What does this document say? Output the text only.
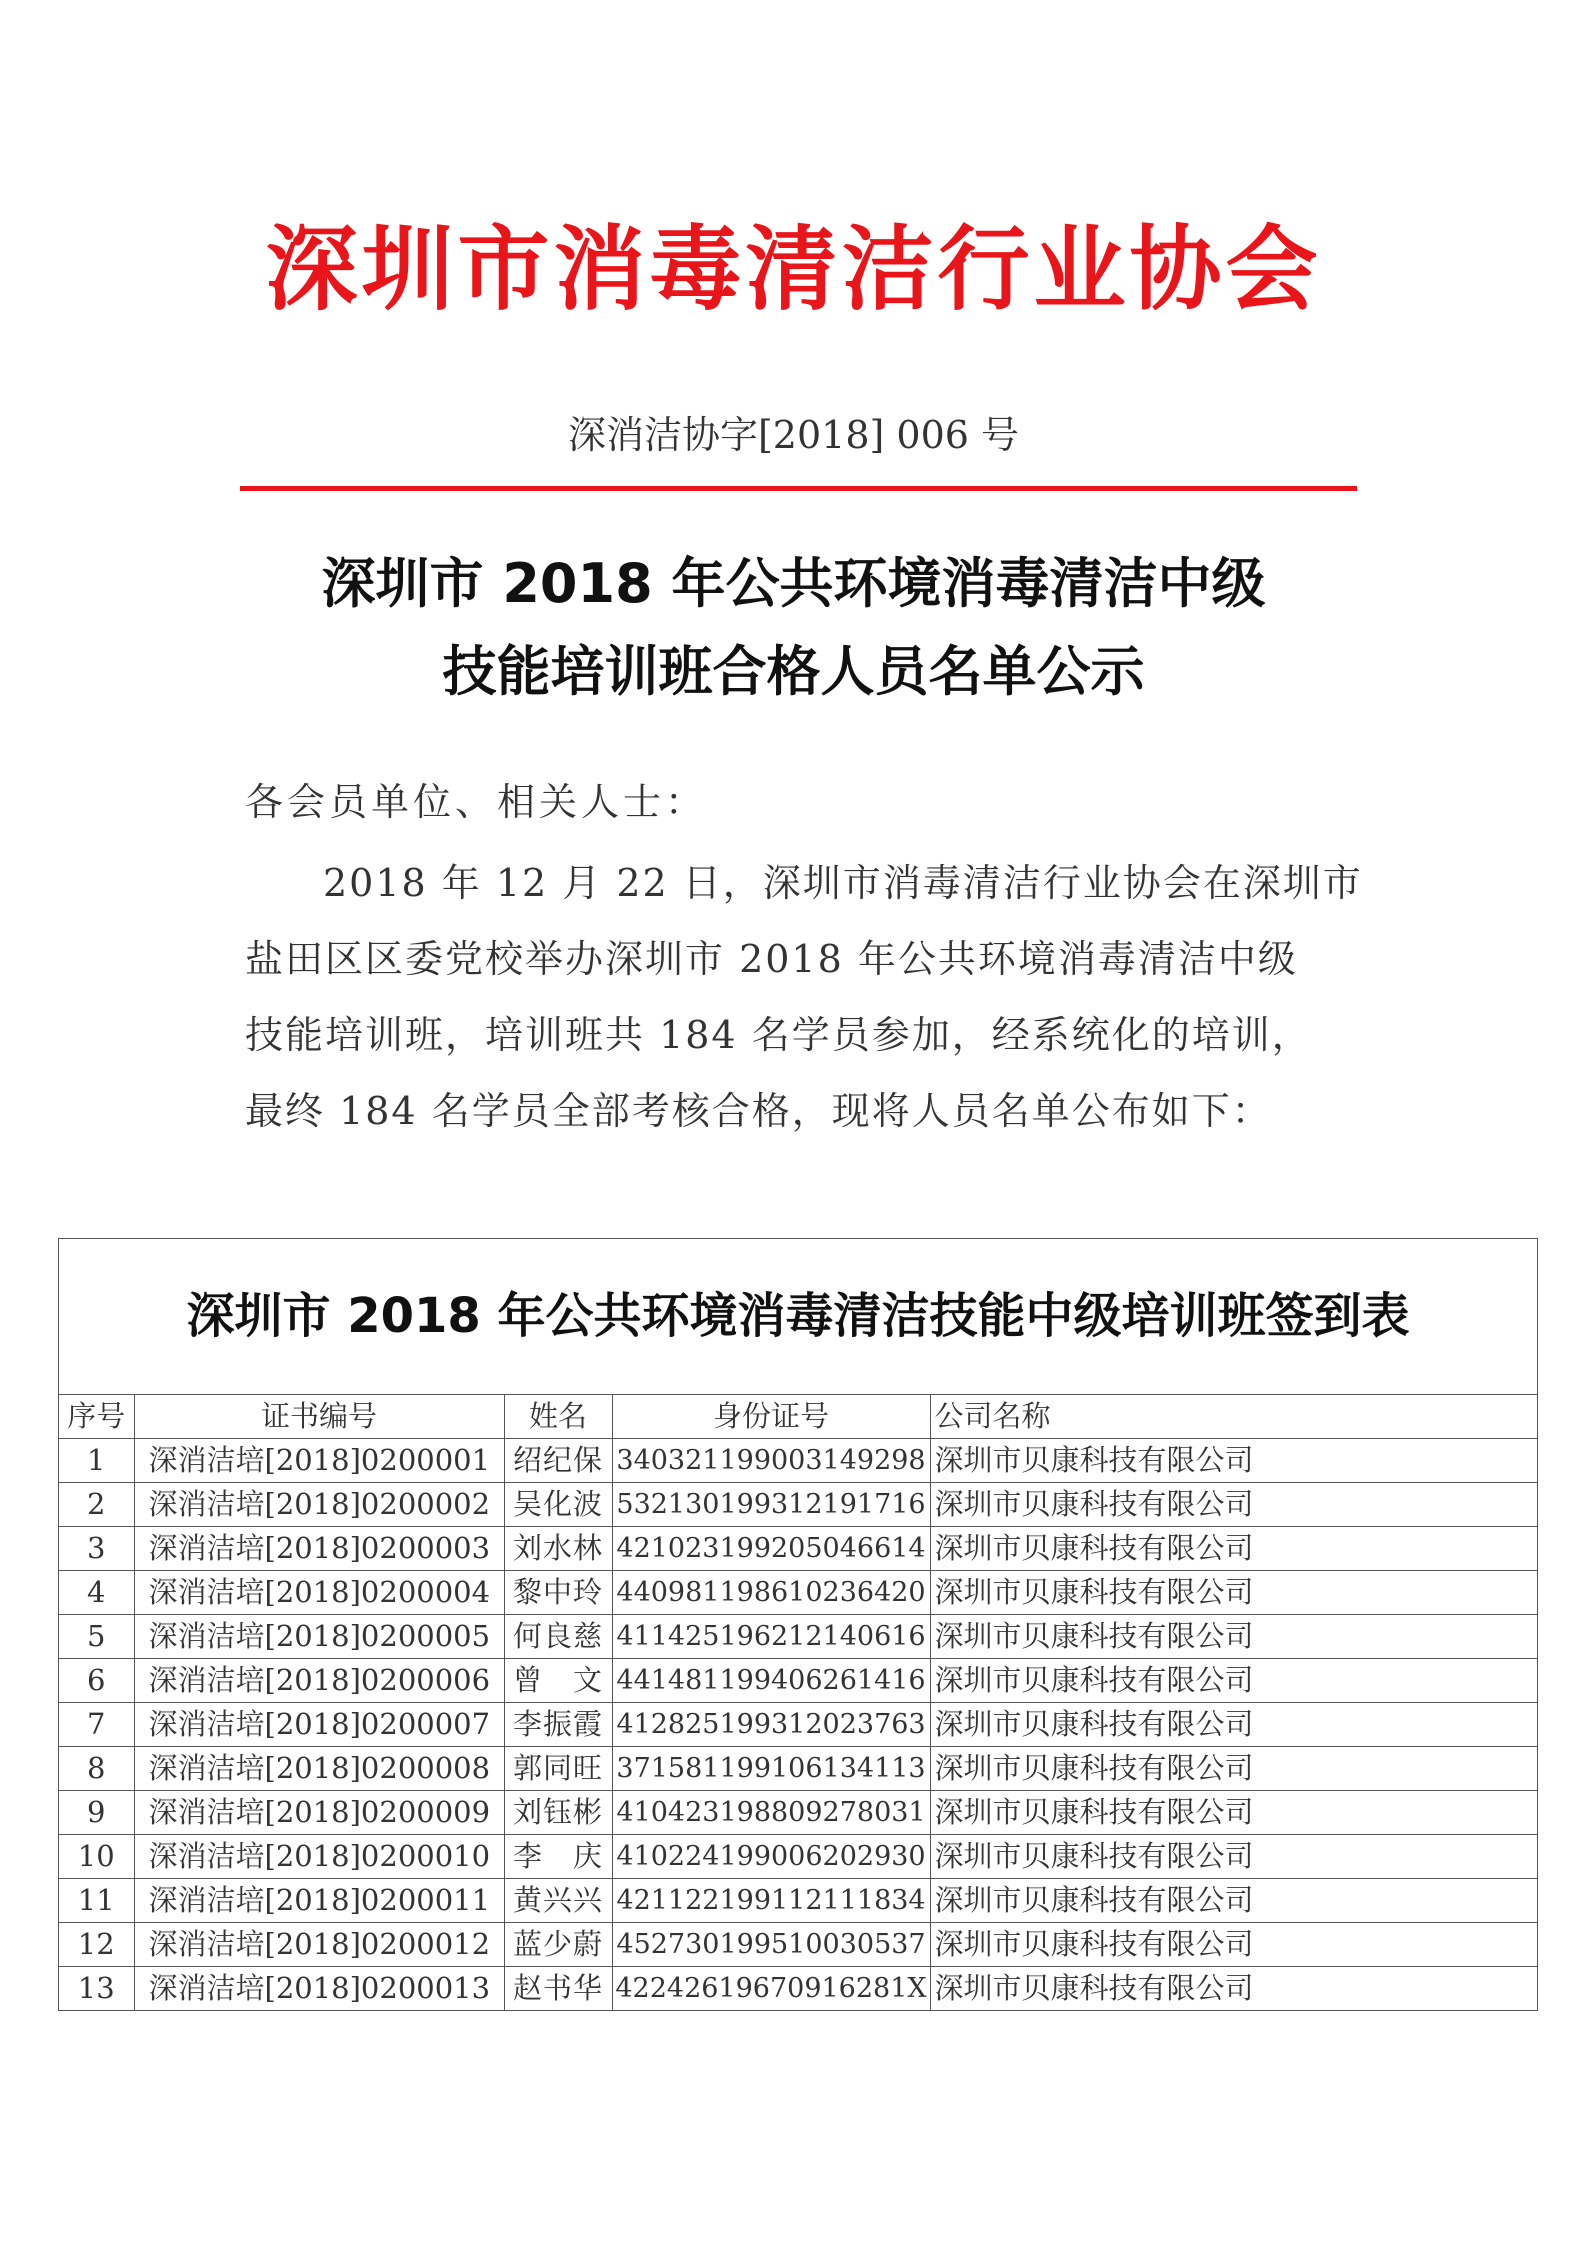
深圳市消毒清洁行业协会
深消洁协字[2018] 006 号
深圳市 2018 年公共环境消毒清洁中级
技能培训班合格人员名单公示
各会员单位、相关人士：
2018 年 12 月 22 日，深圳市消毒清洁行业协会在深圳市
盐田区区委党校举办深圳市 2018 年公共环境消毒清洁中级
技能培训班，培训班共 184 名学员参加，经系统化的培训，
最终 184 名学员全部考核合格，现将人员名单公布如下：
深圳市 2018 年公共环境消毒清洁技能中级培训班签到表
序号	证书编号	姓名	身份证号	公司名称
1	深消洁培[2018]0200001	绍纪保	340321199003149298	深圳市贝康科技有限公司
2	深消洁培[2018]0200002	吴化波	532130199312191716	深圳市贝康科技有限公司
3	深消洁培[2018]0200003	刘水林	421023199205046614	深圳市贝康科技有限公司
4	深消洁培[2018]0200004	黎中玲	440981198610236420	深圳市贝康科技有限公司
5	深消洁培[2018]0200005	何良慈	411425196212140616	深圳市贝康科技有限公司
6	深消洁培[2018]0200006	曾　文	441481199406261416	深圳市贝康科技有限公司
7	深消洁培[2018]0200007	李振霞	412825199312023763	深圳市贝康科技有限公司
8	深消洁培[2018]0200008	郭同旺	371581199106134113	深圳市贝康科技有限公司
9	深消洁培[2018]0200009	刘钰彬	410423198809278031	深圳市贝康科技有限公司
10	深消洁培[2018]0200010	李　庆	410224199006202930	深圳市贝康科技有限公司
11	深消洁培[2018]0200011	黄兴兴	421122199112111834	深圳市贝康科技有限公司
12	深消洁培[2018]0200012	蓝少蔚	452730199510030537	深圳市贝康科技有限公司
13	深消洁培[2018]0200013	赵书华	42242619670916281X	深圳市贝康科技有限公司
